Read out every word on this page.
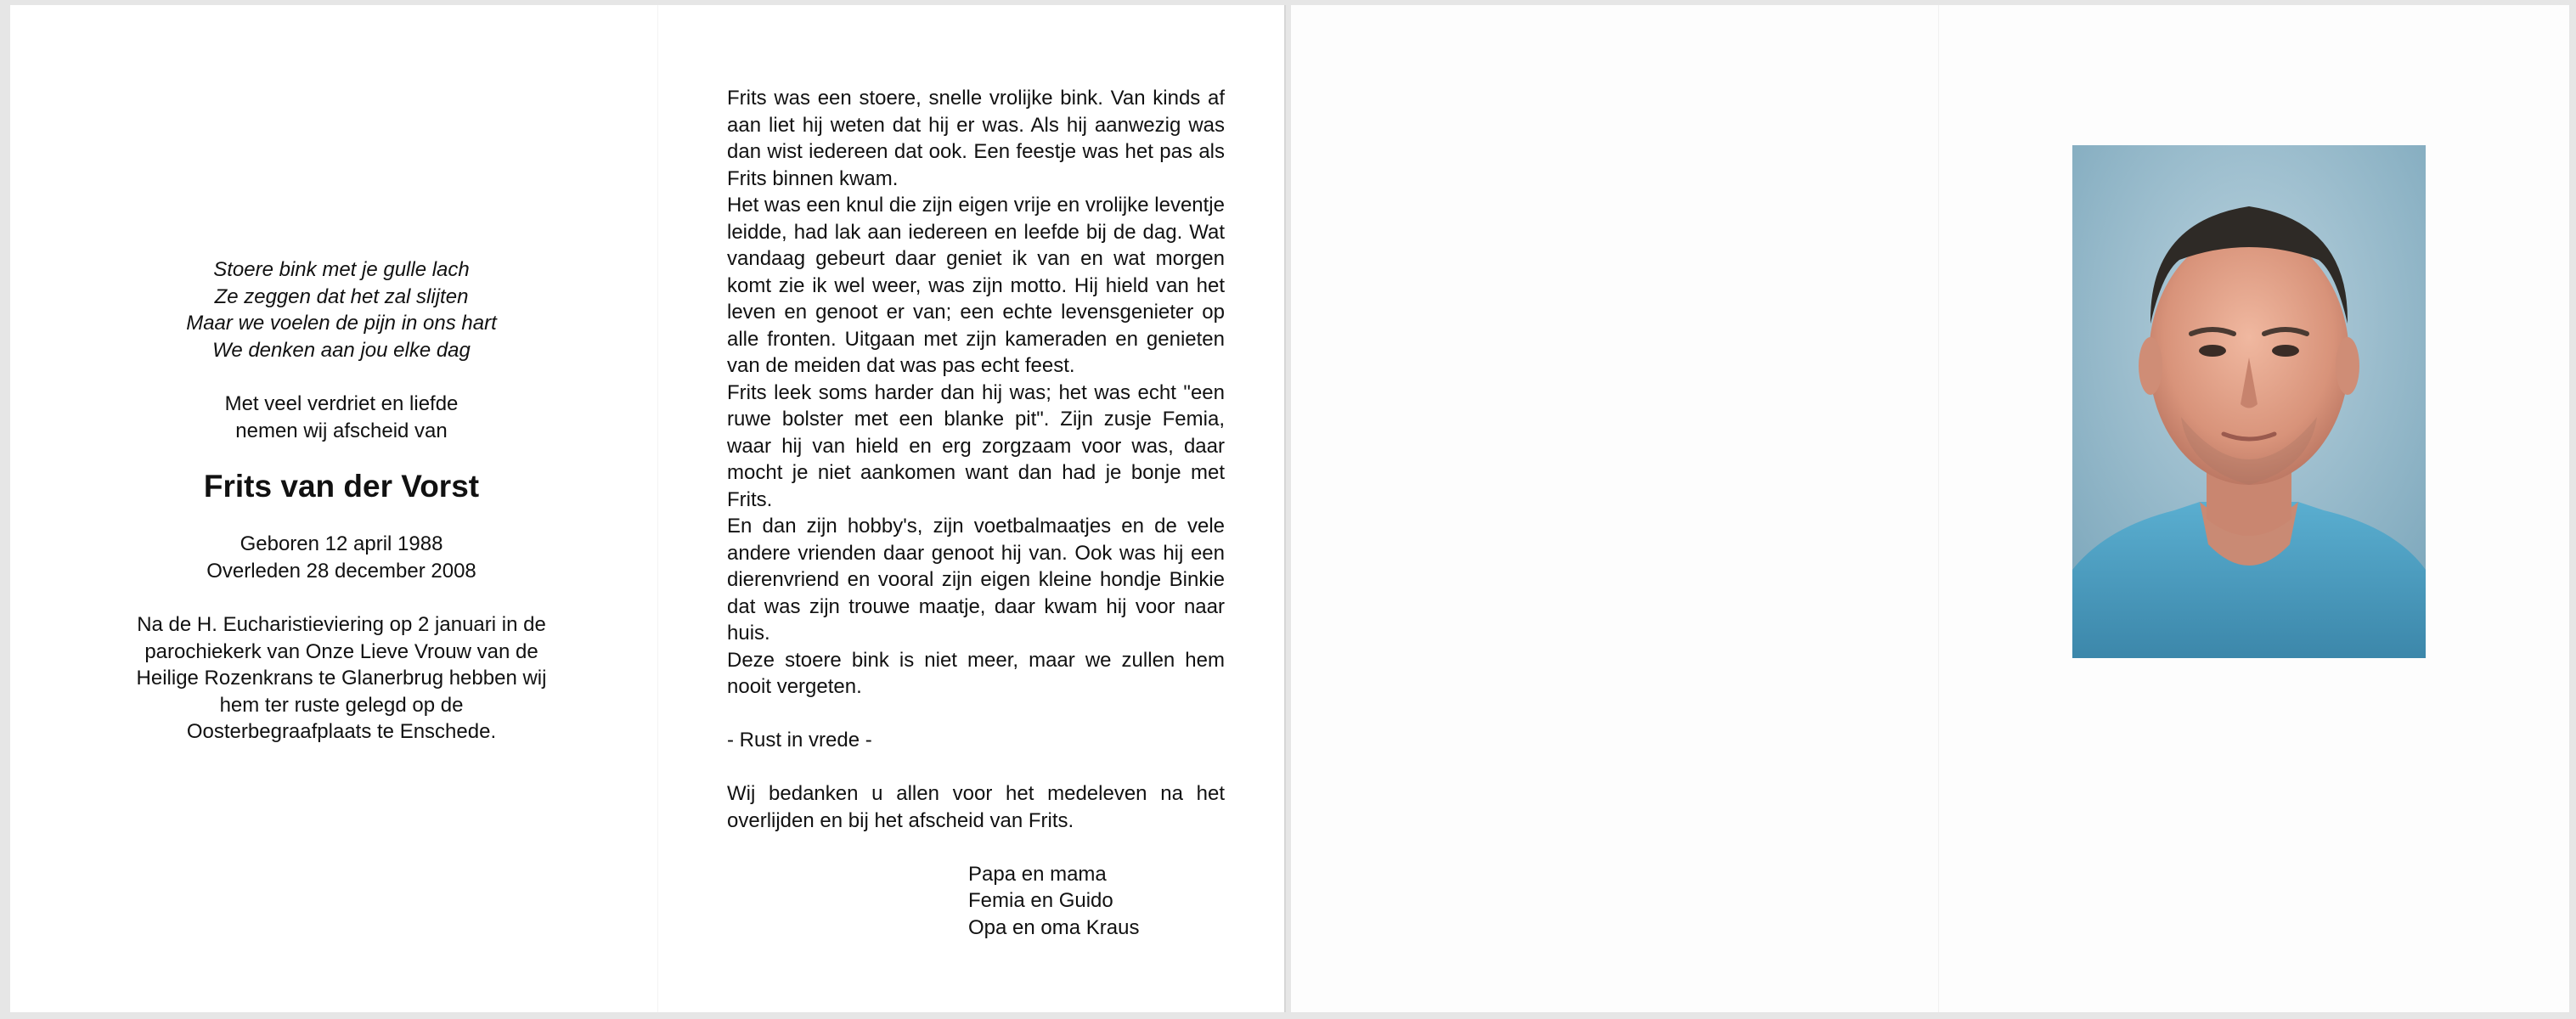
Stoere bink met je gulle lach
Ze zeggen dat het zal slijten
Maar we voelen de pijn in ons hart
We denken aan jou elke dag
Met veel verdriet en liefde
nemen wij afscheid van
Frits van der Vorst
Geboren 12 april 1988
Overleden 28 december 2008
Na de H. Eucharistieviering op 2 januari in de
parochiekerk van Onze Lieve Vrouw van de
Heilige Rozenkrans te Glanerbrug hebben wij
hem ter ruste gelegd op de
Oosterbegraafplaats te Enschede.

Frits was een stoere, snelle vrolijke bink. Van kinds af aan liet hij weten dat hij er was. Als hij aanwezig was dan wist iedereen dat ook. Een feestje was het pas als Frits binnen kwam.

Het was een knul die zijn eigen vrije en vrolijke leventje leidde, had lak aan iedereen en leefde bij de dag. Wat vandaag gebeurt daar geniet ik van en wat morgen komt zie ik wel weer, was zijn motto. Hij hield van het leven en genoot er van; een echte levensgenieter op alle fronten. Uitgaan met zijn kameraden en genieten van de meiden dat was pas echt feest.

Frits leek soms harder dan hij was; het was echt "een ruwe bolster met een blanke pit". Zijn zusje Femia, waar hij van hield en erg zorgzaam voor was, daar mocht je niet aankomen want dan had je bonje met Frits.

En dan zijn hobby's, zijn voetbalmaatjes en de vele andere vrienden daar genoot hij van. Ook was hij een dierenvriend en vooral zijn eigen kleine hondje Binkie dat was zijn trouwe maatje, daar kwam hij voor naar huis.

Deze stoere bink is niet meer, maar we zullen hem nooit vergeten.

- Rust in vrede -

Wij bedanken u allen voor het medeleven na het overlijden en bij het afscheid van Frits.

Papa en mama
Femia en Guido
Opa en oma Kraus
